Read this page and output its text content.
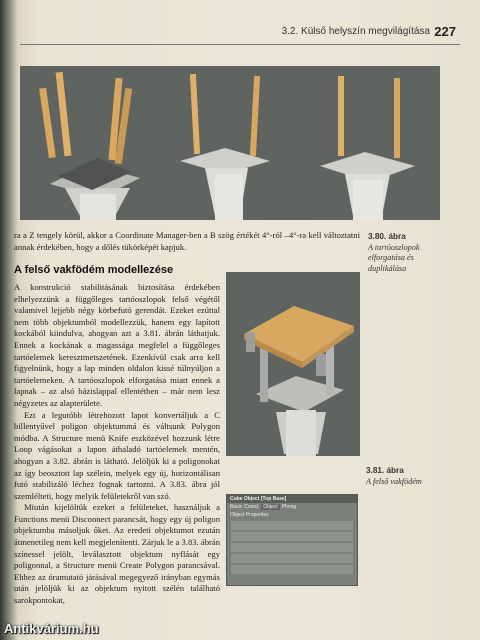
3.2. Külső helyszín megvilágítása 227

ra a Z tengely körül, akkor a Coordinate Manager-ben a B szög értékét 4°-ról –4°-ra kell változtatni annak érdekében, hogy a dőlés tükörképét kapjuk.

3.80. ábra
A tartóoszlopok elforgatása és duplikálása
A felső vakfödém modellezése

A konstrukció stabilitásának biztosítása érdekében elhelyezzünk a függőleges tartóoszlopok felső végétől valamivel lejjebb négy körbefutó gerendát. Ezeket ezúttal nem több objektumból modellezzük, hanem egy lapított kockából kiindulva, ahogyan azt a 3.81. ábrán láthatjuk. Ennek a kockának a magassága megfelel a függőleges tartóelemek keresztmetszetének. Ezenkívül csak arra kell figyelnünk, hogy a lap minden oldalon kissé túlnyúljon a tartóelemeken. A tartóoszlopok elforgatása miatt ennek a lapnak – az alsó bázislappal ellentétben – már nem lesz négyzetes az alapterülete.

Ezt a legutóbb létrehozott lapot konvertáljuk a C billentyűvel poligon objektummá és váltsunk Polygon módba. A Structure menü Knife eszközével hozzunk létre Loop vágásokat a lapon áthaladó tartóelemek mentén, ahogyan a 3.82. ábrán is látható. Jelöljük ki a poligonokat az így beosztott lap szélein, melyek egy új, horizontálisan futó stabilizáló léchez fognak tartozni. A 3.83. ábra jól szemlélteti, hogy melyik felületekről van szó.

Miután kijelöltük ezeket a felületeket, használjuk a Functions menü Disconnect parancsát, hogy egy új poligon objektumba másoljuk őket. Az eredeti objektumot ezután átmenetileg nem kell megjelenítenti. Zárjuk le a 3.83. ábrán színessel jelölt, leválasztott objektum nyflását egy poligonnal, a Structure menü Create Polygon parancsával. Ehhez az óramutató járásával megegyező irányban egymás után jelöljük ki az objektum nyitott szélén található sarokpontokat,

3.81. ábra
A felső vakfödém
Cube Object [Top Base]
Basic Coord. Object Phong
Object Properties
Antikvárium.hu
